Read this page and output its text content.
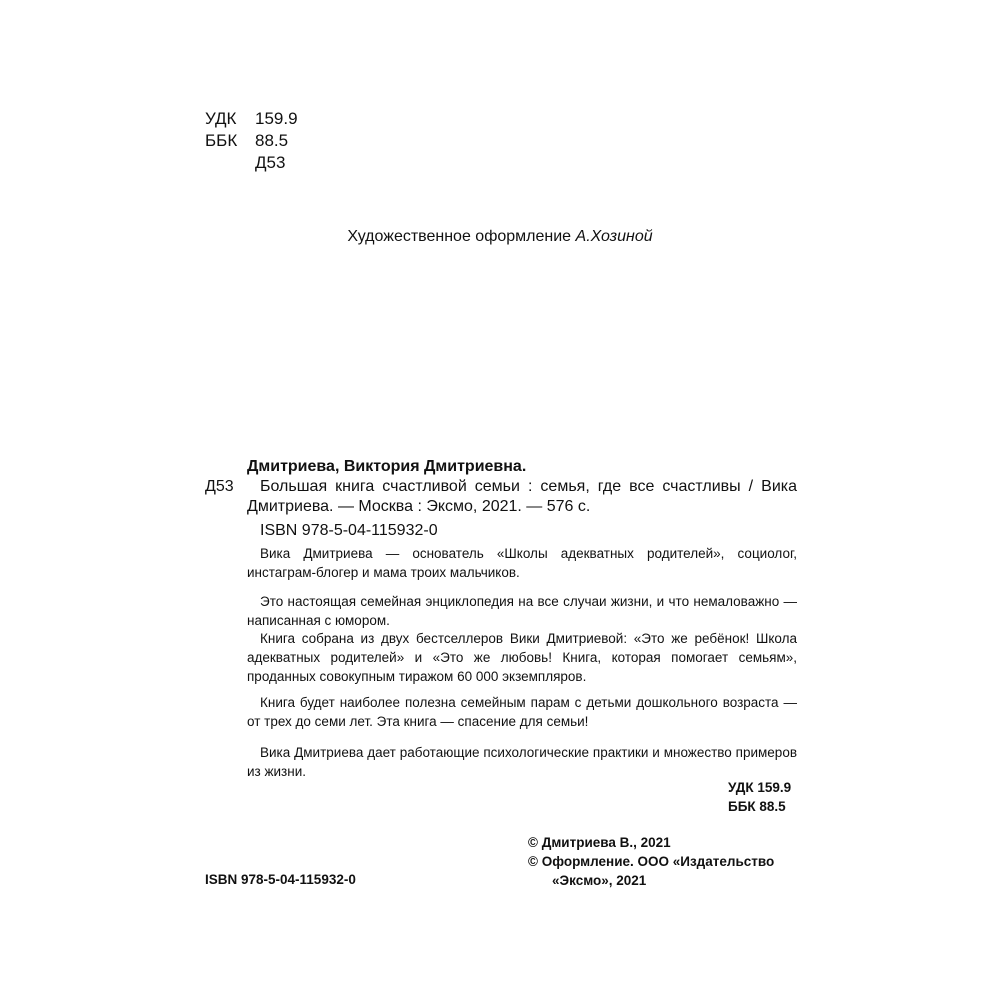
УДК 159.9
ББК 88.5
Д53
Художественное оформление А.Хозиной
Дмитриева, Виктория Дмитриевна.
Д53	Большая книга счастливой семьи : семья, где все счастливы / Вика Дмитриева. — Москва : Эксмо, 2021. — 576 с.
ISBN 978-5-04-115932-0
Вика Дмитриева — основатель «Школы адекватных родителей», социолог, инстаграм-блогер и мама троих мальчиков.
Это настоящая семейная энциклопедия на все случаи жизни, и что немаловажно — написанная с юмором.
Книга собрана из двух бестселлеров Вики Дмитриевой: «Это же ребёнок! Школа адекватных родителей» и «Это же любовь! Книга, которая помогает семьям», проданных совокупным тиражом 60 000 экземпляров.
Книга будет наиболее полезна семейным парам с детьми дошкольного возраста — от трех до семи лет. Эта книга — спасение для семьи!
Вика Дмитриева дает работающие психологические практики и множество примеров из жизни.
УДК 159.9
ББК 88.5
© Дмитриева В., 2021
© Оформление. ООО «Издательство
«Эксмо», 2021
ISBN 978-5-04-115932-0
